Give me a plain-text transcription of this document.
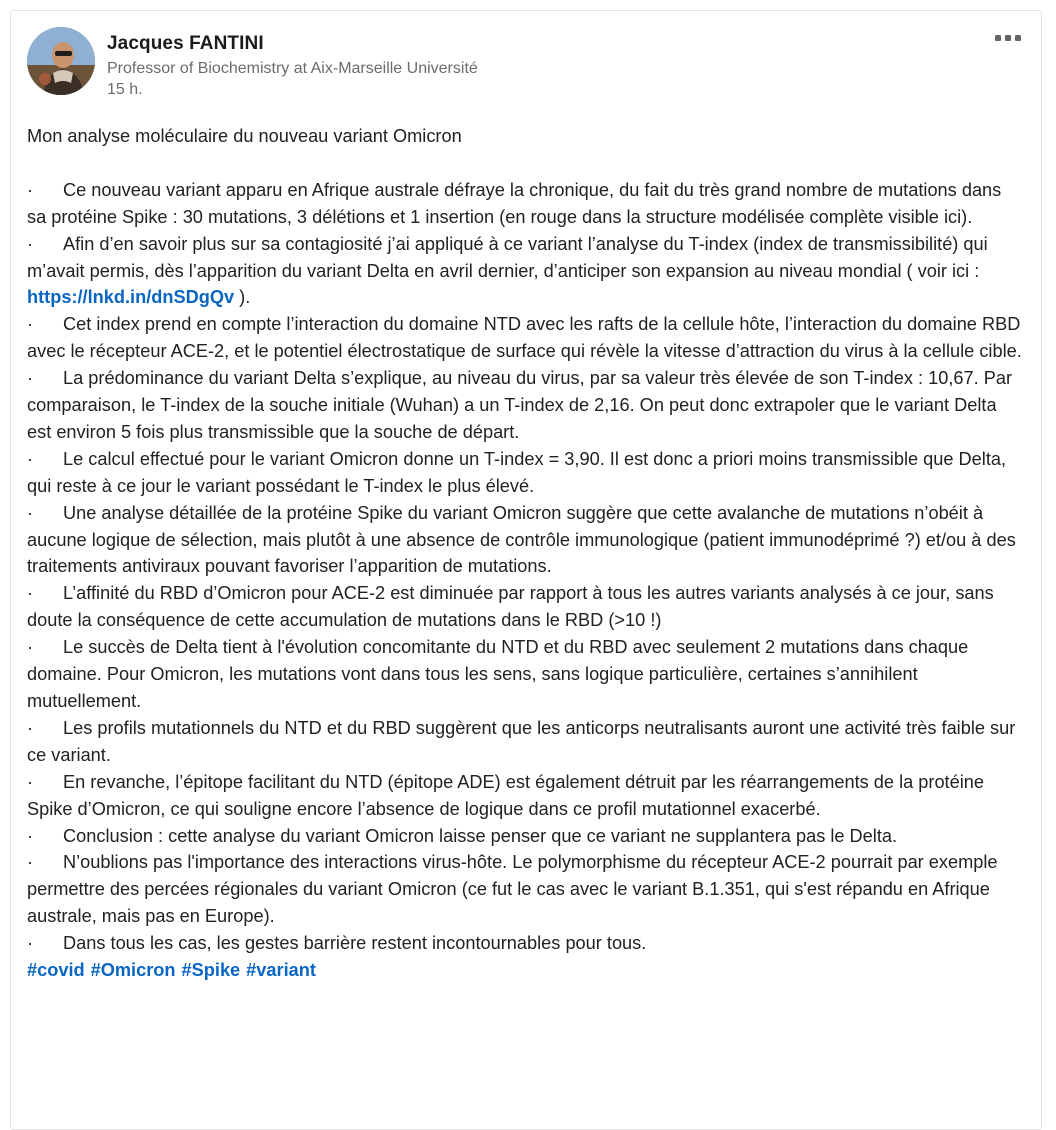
Jacques FANTINI
Professor of Biochemistry at Aix-Marseille Université
15 h.

Mon analyse moléculaire du nouveau variant Omicron

· Ce nouveau variant apparu en Afrique australe défraye la chronique, du fait du très grand nombre de mutations dans sa protéine Spike : 30 mutations, 3 délétions et 1 insertion (en rouge dans la structure modélisée complète visible ici).

· Afin d’en savoir plus sur sa contagiosité j’ai appliqué à ce variant l’analyse du T-index (index de transmissibilité) qui m’avait permis, dès l’apparition du variant Delta en avril dernier, d’anticiper son expansion au niveau mondial ( voir ici : https://lnkd.in/dnSDgQv ).

· Cet index prend en compte l’interaction du domaine NTD avec les rafts de la cellule hôte, l’interaction du domaine RBD avec le récepteur ACE-2, et le potentiel électrostatique de surface qui révèle la vitesse d’attraction du virus à la cellule cible.

· La prédominance du variant Delta s’explique, au niveau du virus, par sa valeur très élevée de son T-index : 10,67. Par comparaison, le T-index de la souche initiale (Wuhan) a un T-index de 2,16. On peut donc extrapoler que le variant Delta est environ 5 fois plus transmissible que la souche de départ.

· Le calcul effectué pour le variant Omicron donne un T-index = 3,90. Il est donc a priori moins transmissible que Delta, qui reste à ce jour le variant possédant le T-index le plus élevé.

· Une analyse détaillée de la protéine Spike du variant Omicron suggère que cette avalanche de mutations n’obéit à aucune logique de sélection, mais plutôt à une absence de contrôle immunologique (patient immunodéprimé ?) et/ou à des traitements antiviraux pouvant favoriser l’apparition de mutations.

· L’affinité du RBD d’Omicron pour ACE-2 est diminuée par rapport à tous les autres variants analysés à ce jour, sans doute la conséquence de cette accumulation de mutations dans le RBD (>10 !)

· Le succès de Delta tient à l'évolution concomitante du NTD et du RBD avec seulement 2 mutations dans chaque domaine. Pour Omicron, les mutations vont dans tous les sens, sans logique particulière, certaines s’annihilent mutuellement.

· Les profils mutationnels du NTD et du RBD suggèrent que les anticorps neutralisants auront une activité très faible sur ce variant.

· En revanche, l’épitope facilitant du NTD (épitope ADE) est également détruit par les réarrangements de la protéine Spike d’Omicron, ce qui souligne encore l’absence de logique dans ce profil mutationnel exacerbé.

· Conclusion : cette analyse du variant Omicron laisse penser que ce variant ne supplantera pas le Delta.

· N’oublions pas l'importance des interactions virus-hôte. Le polymorphisme du récepteur ACE-2 pourrait par exemple permettre des percées régionales du variant Omicron (ce fut le cas avec le variant B.1.351, qui s'est répandu en Afrique australe, mais pas en Europe).

· Dans tous les cas, les gestes barrière restent incontournables pour tous.

#covid #Omicron #Spike #variant
